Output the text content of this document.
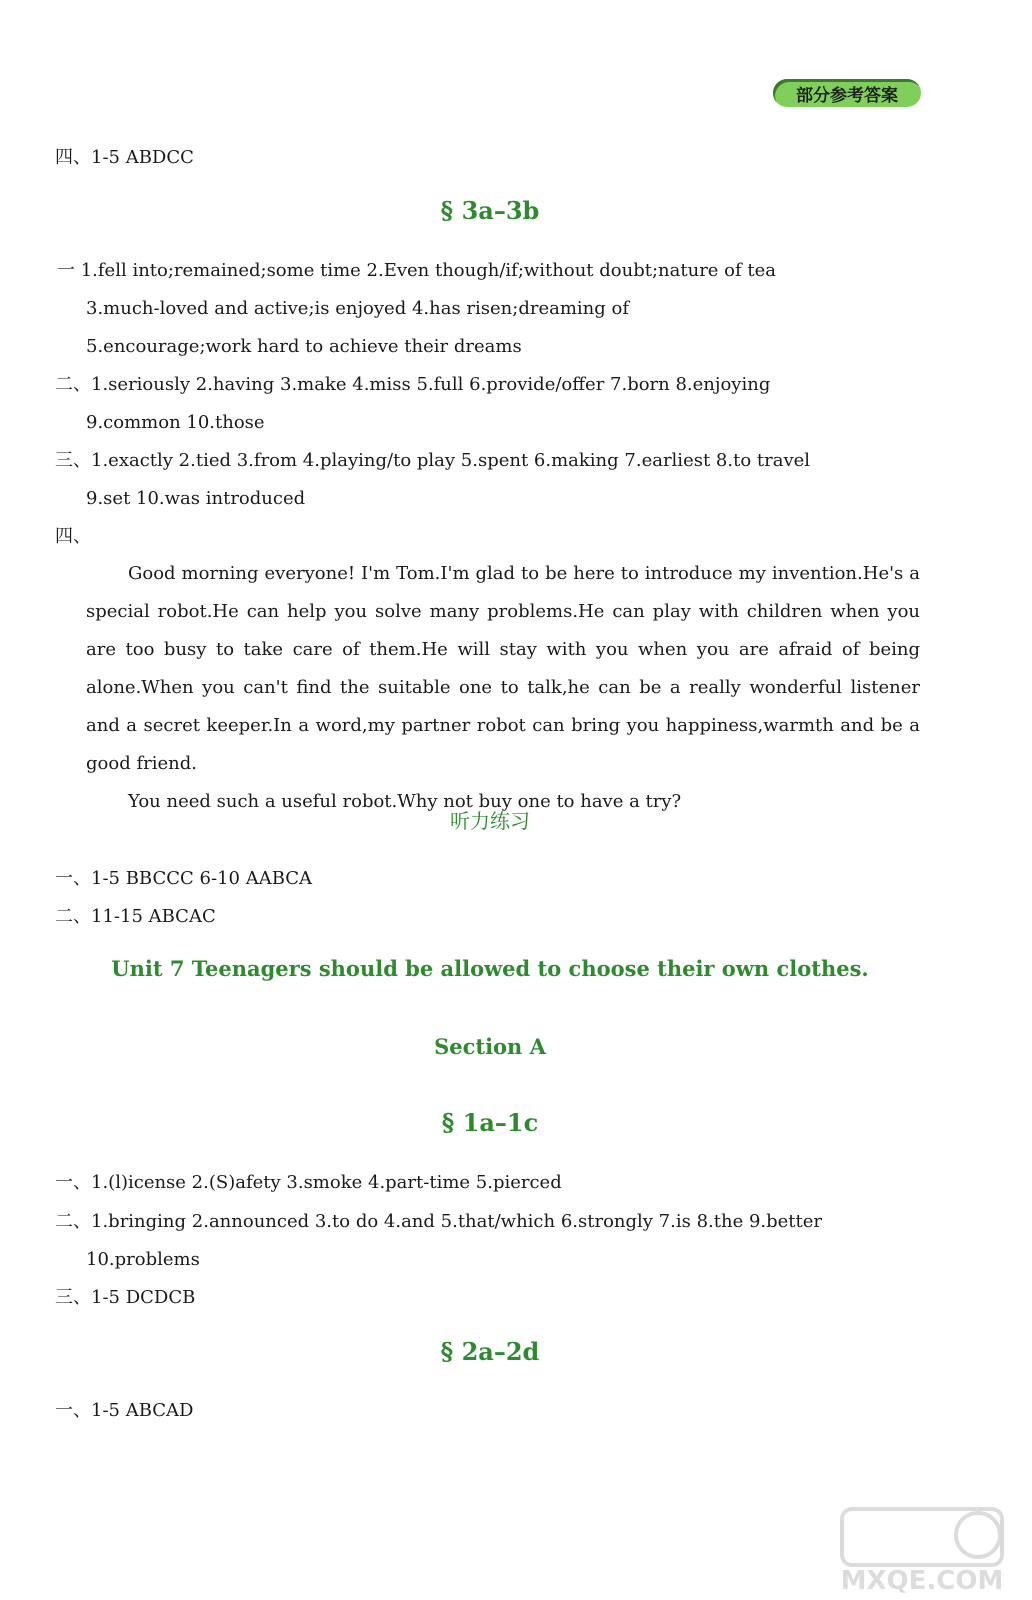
部分参考答案
四、1-5 ABDCC
§ 3a–3b
一 1.fell into;remained;some time 2.Even though/if;without doubt;nature of tea
3.much-loved and active;is enjoyed 4.has risen;dreaming of
5.encourage;work hard to achieve their dreams
二、1.seriously 2.having 3.make 4.miss 5.full 6.provide/offer 7.born 8.enjoying
9.common 10.those
三、1.exactly 2.tied 3.from 4.playing/to play 5.spent 6.making 7.earliest 8.to travel
9.set 10.was introduced
四、

Good morning everyone! I'm Tom.I'm glad to be here to introduce my invention.He's a special robot.He can help you solve many problems.He can play with children when you are too busy to take care of them.He will stay with you when you are afraid of being alone.When you can't find the suitable one to talk,he can be a really wonderful listener and a secret keeper.In a word,my partner robot can bring you happiness,warmth and be a good friend.

You need such a useful robot.Why not buy one to have a try?

听力练习
一、1-5 BBCCC 6-10 AABCA
二、11-15 ABCAC
Unit 7 Teenagers should be allowed to choose their own clothes.
Section A
§ 1a–1c
一、1.(l)icense 2.(S)afety 3.smoke 4.part-time 5.pierced
二、1.bringing 2.announced 3.to do 4.and 5.that/which 6.strongly 7.is 8.the 9.better
10.problems
三、1-5 DCDCB
§ 2a–2d
一、1-5 ABCAD
MXQE.COM
